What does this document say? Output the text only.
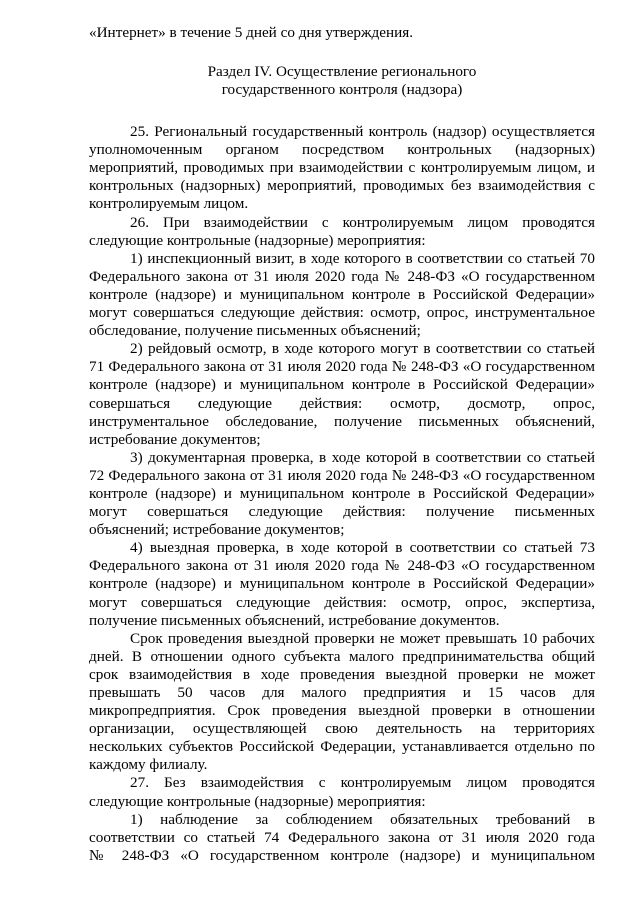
«Интернет» в течение 5 дней со дня утверждения.

Раздел IV. Осуществление регионального
государственного контроля (надзора)

25. Региональный государственный контроль (надзор) осуществляется уполномоченным органом посредством контрольных (надзорных) мероприятий, проводимых при взаимодействии с контролируемым лицом, и контрольных (надзорных) мероприятий, проводимых без взаимодействия с

контролируемым лицом.

26. При взаимодействии с контролируемым лицом проводятся

следующие контрольные (надзорные) мероприятия:

1) инспекционный визит, в ходе которого в соответствии со статьей 70 Федерального закона от 31 июля 2020 года № 248-ФЗ «О государственном контроле (надзоре) и муниципальном контроле в Российской Федерации» могут совершаться следующие действия: осмотр, опрос, инструментальное

обследование, получение письменных объяснений;

2) рейдовый осмотр, в ходе которого могут в соответствии со статьей 71 Федерального закона от 31 июля 2020 года № 248-ФЗ «О государственном контроле (надзоре) и муниципальном контроле в Российской Федерации» совершаться следующие действия: осмотр, досмотр, опрос, инструментальное обследование, получение письменных объяснений,

истребование документов;

3) документарная проверка, в ходе которой в соответствии со статьей 72 Федерального закона от 31 июля 2020 года № 248-ФЗ «О государственном контроле (надзоре) и муниципальном контроле в Российской Федерации» могут совершаться следующие действия: получение письменных

объяснений; истребование документов;

4) выездная проверка, в ходе которой в соответствии со статьей 73 Федерального закона от 31 июля 2020 года № 248-ФЗ «О государственном контроле (надзоре) и муниципальном контроле в Российской Федерации» могут совершаться следующие действия: осмотр, опрос, экспертиза,

получение письменных объяснений, истребование документов.

Срок проведения выездной проверки не может превышать 10 рабочих дней. В отношении одного субъекта малого предпринимательства общий срок взаимодействия в ходе проведения выездной проверки не может превышать 50 часов для малого предприятия и 15 часов для микропредприятия. Срок проведения выездной проверки в отношении организации, осуществляющей свою деятельность на территориях нескольких субъектов Российской Федерации, устанавливается отдельно по

каждому филиалу.

27. Без взаимодействия с контролируемым лицом проводятся

следующие контрольные (надзорные) мероприятия:

1) наблюдение за соблюдением обязательных требований в соответствии со статьей 74 Федерального закона от 31 июля 2020 года

№ 248-ФЗ «О государственном контроле (надзоре) и муниципальном
